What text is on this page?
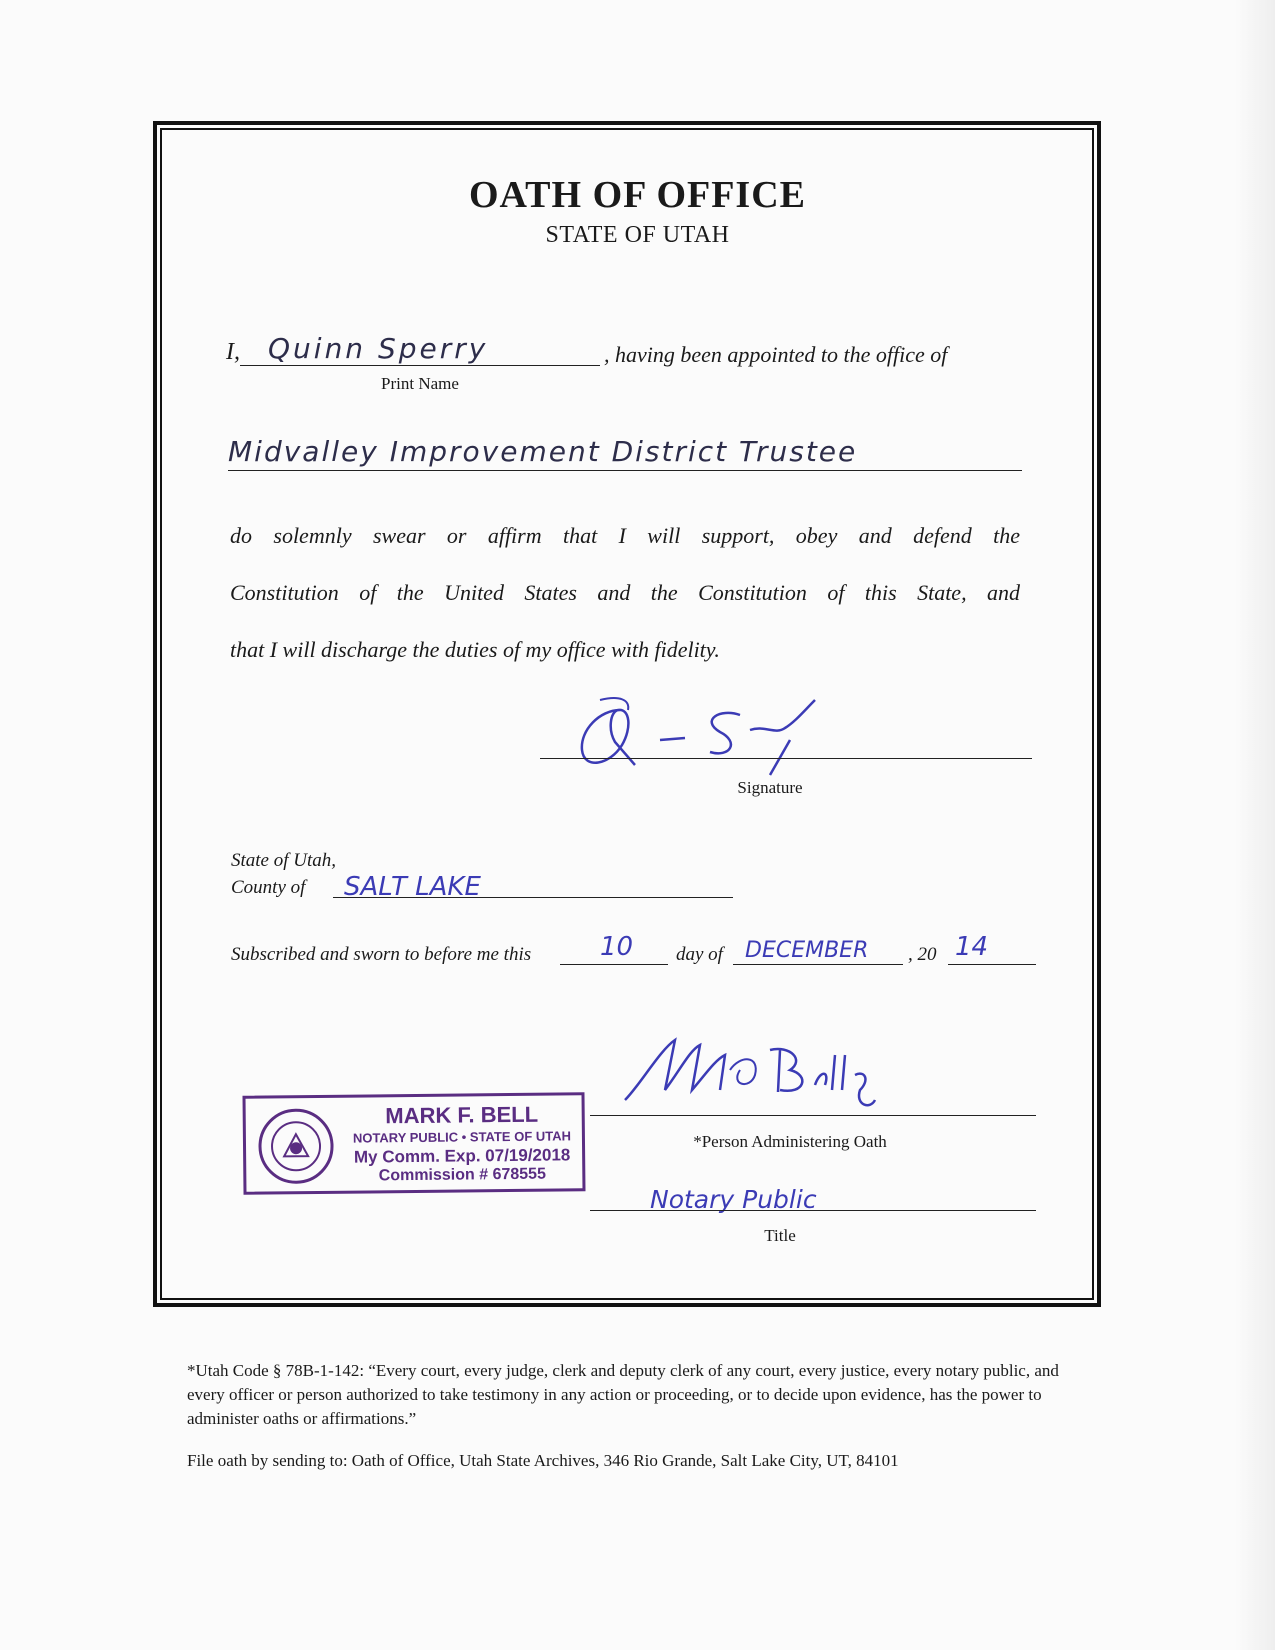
OATH OF OFFICE
STATE OF UTAH
I, Quinn Sperry	, having been appointed to the office of
Print Name
Midvalley Improvement District Trustee
do solemnly swear or affirm that I will support, obey and defend the
Constitution of the United States and the Constitution of this State, and
that I will discharge the duties of my office with fidelity.
Signature
State of Utah,
County of SALT LAKE
Subscribed and sworn to before me this	10 day of DECEMBER , 20 14
MARK F. BELL
NOTARY PUBLIC • STATE OF UTAH
My Comm. Exp. 07/19/2018
Commission # 678555
*Person Administering Oath
Notary Public
Title
*Utah Code § 78B-1-142: “Every court, every judge, clerk and deputy clerk of any court, every justice, every notary public, and every officer or person authorized to take testimony in any action or proceeding, or to decide upon evidence, has the power to administer oaths or affirmations.”
File oath by sending to: Oath of Office, Utah State Archives, 346 Rio Grande, Salt Lake City, UT, 84101
